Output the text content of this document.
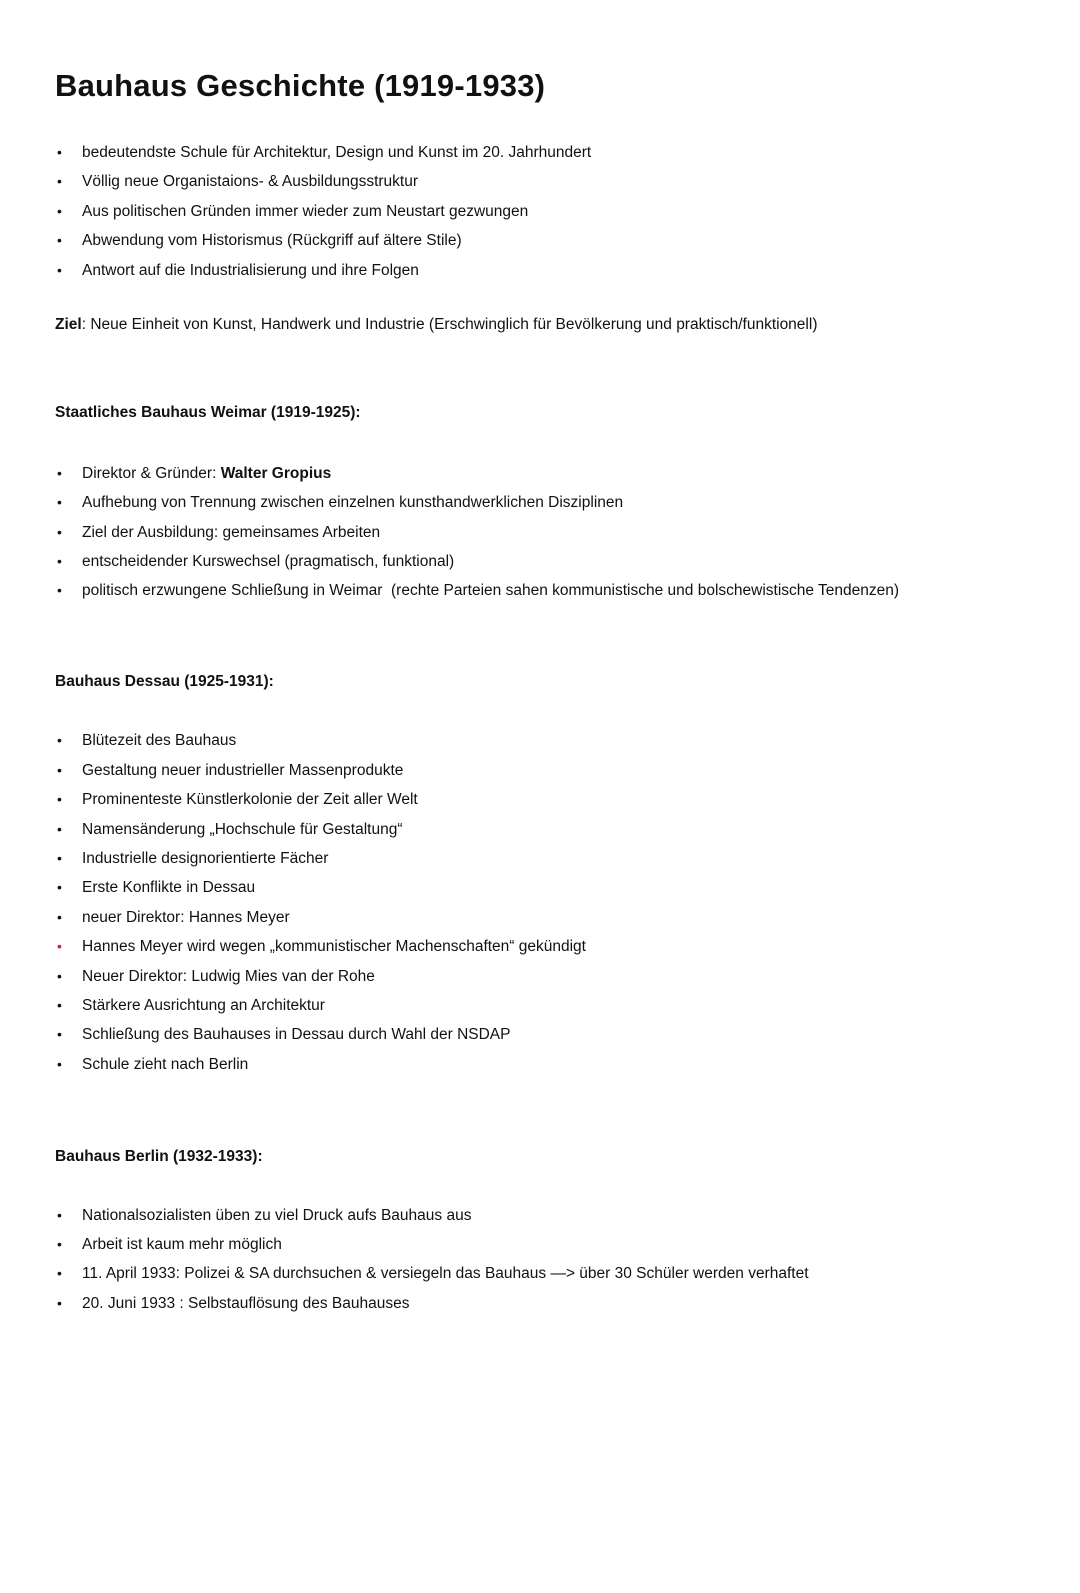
Bauhaus Geschichte (1919-1933)
• bedeutendste Schule für Architektur, Design und Kunst im 20. Jahrhundert
• Völlig neue Organistaions- & Ausbildungsstruktur
• Aus politischen Gründen immer wieder zum Neustart gezwungen
• Abwendung vom Historismus (Rückgriff auf ältere Stile)
• Antwort auf die Industrialisierung und ihre Folgen

Ziel: Neue Einheit von Kunst, Handwerk und Industrie (Erschwinglich für Bevölkerung und praktisch/funktionell)

Staatliches Bauhaus Weimar (1919-1925):
• Direktor & Gründer: Walter Gropius
• Aufhebung von Trennung zwischen einzelnen kunsthandwerklichen Disziplinen
• Ziel der Ausbildung: gemeinsames Arbeiten
• entscheidender Kurswechsel (pragmatisch, funktional)
• politisch erzwungene Schließung in Weimar  (rechte Parteien sahen kommunistische und bolschewistische Tendenzen)
Bauhaus Dessau (1925-1931):
• Blütezeit des Bauhaus
• Gestaltung neuer industrieller Massenprodukte
• Prominenteste Künstlerkolonie der Zeit aller Welt
• Namensänderung „Hochschule für Gestaltung“
• Industrielle designorientierte Fächer
• Erste Konflikte in Dessau
• neuer Direktor: Hannes Meyer
• Hannes Meyer wird wegen „kommunistischer Machenschaften“ gekündigt
• Neuer Direktor: Ludwig Mies van der Rohe
• Stärkere Ausrichtung an Architektur
• Schließung des Bauhauses in Dessau durch Wahl der NSDAP
• Schule zieht nach Berlin
Bauhaus Berlin (1932-1933):
• Nationalsozialisten üben zu viel Druck aufs Bauhaus aus
• Arbeit ist kaum mehr möglich
• 11. April 1933: Polizei & SA durchsuchen & versiegeln das Bauhaus —> über 30 Schüler werden verhaftet
• 20. Juni 1933 : Selbstauflösung des Bauhauses
